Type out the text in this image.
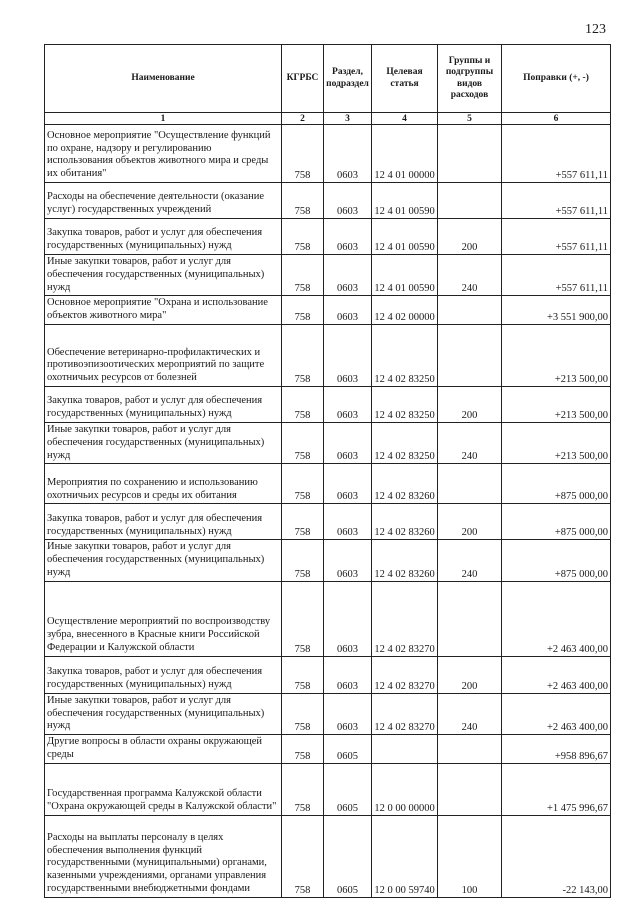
123
Наименование	КГРБС	Раздел, подраздел	Целевая статья	Группы и подгруппы видов расходов	Поправки (+, -)
1	2	3	4	5	6
Основное мероприятие "Осуществление функций по охране, надзору и регулированию использования объектов животного мира и среды их обитания"	758	0603	12 4 01 00000		+557 611,11
Расходы на обеспечение деятельности (оказание услуг) государственных учреждений	758	0603	12 4 01 00590		+557 611,11
Закупка товаров, работ и услуг для обеспечения государственных (муниципальных) нужд	758	0603	12 4 01 00590	200	+557 611,11
Иные закупки товаров, работ и услуг для обеспечения государственных (муниципальных) нужд	758	0603	12 4 01 00590	240	+557 611,11
Основное мероприятие "Охрана и использование объектов животного мира"	758	0603	12 4 02 00000		+3 551 900,00
Обеспечение ветеринарно-профилактических и противоэпизоотических мероприятий по защите охотничьих ресурсов от болезней	758	0603	12 4 02 83250		+213 500,00
Закупка товаров, работ и услуг для обеспечения государственных (муниципальных) нужд	758	0603	12 4 02 83250	200	+213 500,00
Иные закупки товаров, работ и услуг для обеспечения государственных (муниципальных) нужд	758	0603	12 4 02 83250	240	+213 500,00
Мероприятия по сохранению и использованию охотничьих ресурсов и среды их обитания	758	0603	12 4 02 83260		+875 000,00
Закупка товаров, работ и услуг для обеспечения государственных (муниципальных) нужд	758	0603	12 4 02 83260	200	+875 000,00
Иные закупки товаров, работ и услуг для обеспечения государственных (муниципальных) нужд	758	0603	12 4 02 83260	240	+875 000,00
Осуществление мероприятий по воспроизводству зубра, внесенного в Красные книги Российской Федерации и Калужской области	758	0603	12 4 02 83270		+2 463 400,00
Закупка товаров, работ и услуг для обеспечения государственных (муниципальных) нужд	758	0603	12 4 02 83270	200	+2 463 400,00
Иные закупки товаров, работ и услуг для обеспечения государственных (муниципальных) нужд	758	0603	12 4 02 83270	240	+2 463 400,00
Другие вопросы в области охраны окружающей среды	758	0605			+958 896,67
Государственная программа Калужской области "Охрана окружающей среды в Калужской области"	758	0605	12 0 00 00000		+1 475 996,67
Расходы на выплаты персоналу в целях обеспечения выполнения функций государственными (муниципальными) органами, казенными учреждениями, органами управления государственными внебюджетными фондами	758	0605	12 0 00 59740	100	-22 143,00
